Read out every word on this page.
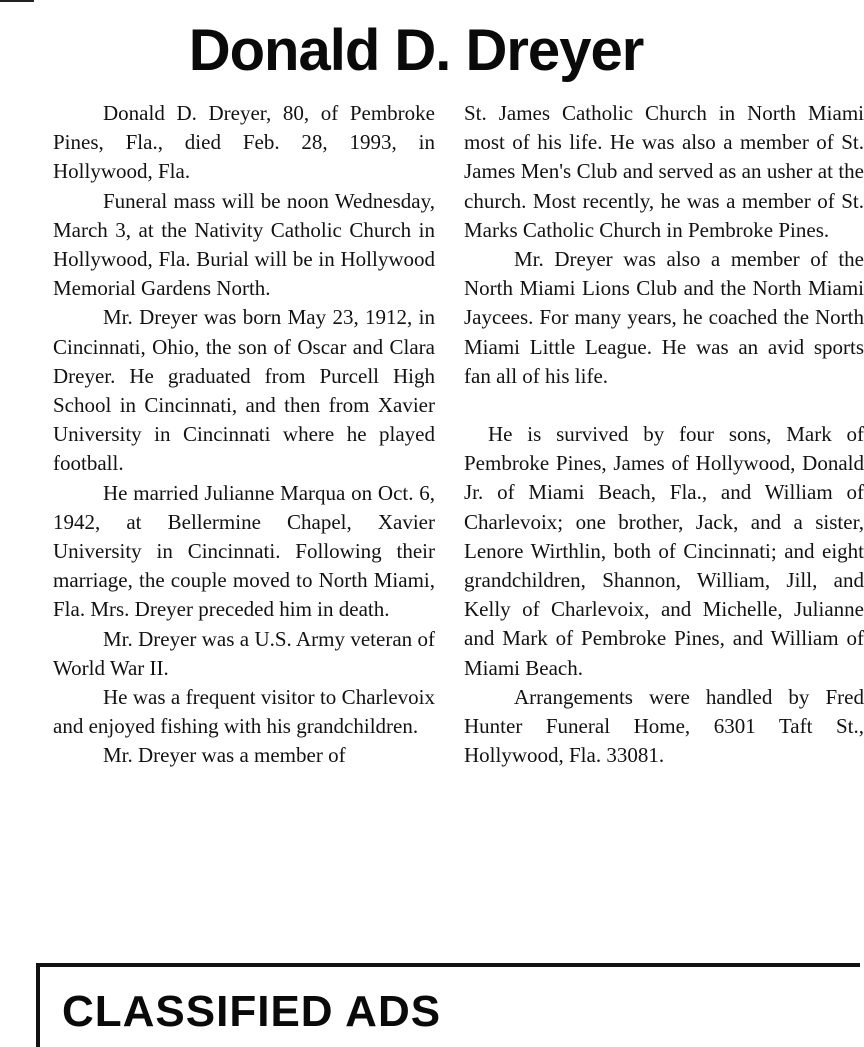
Donald D. Dreyer

Donald D. Dreyer, 80, of Pembroke Pines, Fla., died Feb. 28, 1993, in Hollywood, Fla.

Funeral mass will be noon Wednesday, March 3, at the Nativity Catholic Church in Hollywood, Fla. Burial will be in Hollywood Memorial Gardens North.

Mr. Dreyer was born May 23, 1912, in Cincinnati, Ohio, the son of Oscar and Clara Dreyer. He graduated from Purcell High School in Cincinnati, and then from Xavier University in Cincinnati where he played football.

He married Julianne Marqua on Oct. 6, 1942, at Bellermine Chapel, Xavier University in Cincinnati. Following their marriage, the couple moved to North Miami, Fla. Mrs. Dreyer preceded him in death.

Mr. Dreyer was a U.S. Army veteran of World War II.

He was a frequent visitor to Charlevoix and enjoyed fishing with his grandchildren.

Mr. Dreyer was a member of

St. James Catholic Church in North Miami most of his life. He was also a member of St. James Men's Club and served as an usher at the church. Most recently, he was a member of St. Marks Catholic Church in Pembroke Pines.

Mr. Dreyer was also a member of the North Miami Lions Club and the North Miami Jaycees. For many years, he coached the North Miami Little League. He was an avid sports fan all of his life.

He is survived by four sons, Mark of Pembroke Pines, James of Hollywood, Donald Jr. of Miami Beach, Fla., and William of Charlevoix; one brother, Jack, and a sister, Lenore Wirthlin, both of Cincinnati; and eight grandchildren, Shannon, William, Jill, and Kelly of Charlevoix, and Michelle, Julianne and Mark of Pembroke Pines, and William of Miami Beach.

Arrangements were handled by Fred Hunter Funeral Home, 6301 Taft St., Hollywood, Fla. 33081.

CLASSIFIED ADS
